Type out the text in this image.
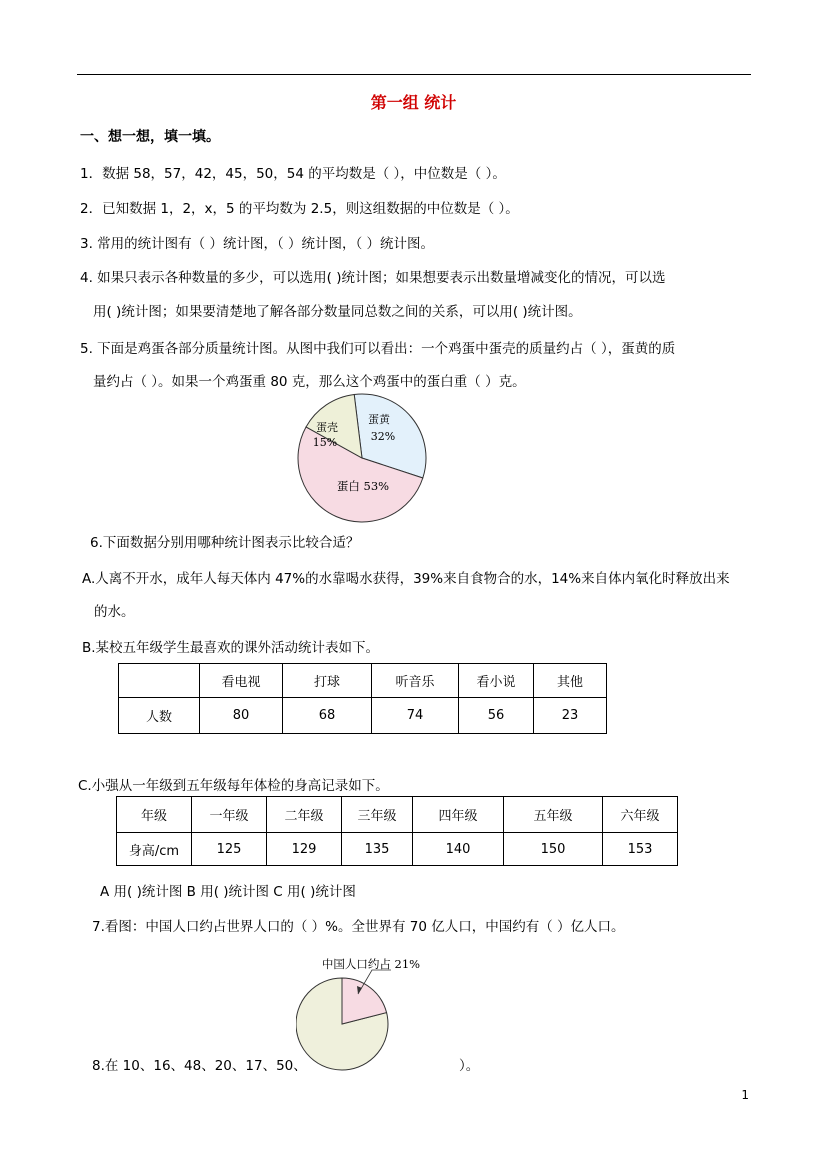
第一组 统计
一、想一想，填一填。
1．数据 58，57，42，45，50，54 的平均数是（ ），中位数是（ ）。
2．已知数据 1，2，x，5 的平均数为 2.5，则这组数据的中位数是（ ）。
3. 常用的统计图有（ ）统计图，（ ）统计图，（ ）统计图。
4. 如果只表示各种数量的多少，可以选用( )统计图；如果想要表示出数量增减变化的情况，可以选
用( )统计图；如果要清楚地了解各部分数量同总数之间的关系，可以用( )统计图。
5. 下面是鸡蛋各部分质量统计图。从图中我们可以看出：一个鸡蛋中蛋壳的质量约占（ ），蛋黄的质
量约占（ ）。如果一个鸡蛋重 80 克，那么这个鸡蛋中的蛋白重（ ）克。
蛋黄
32%
蛋壳
15%
蛋白 53%
6.下面数据分别用哪种统计图表示比较合适？
A.人离不开水，成年人每天体内 47%的水靠喝水获得，39%来自食物合的水，14%来自体内氧化时释放出来
的水。
B.某校五年级学生最喜欢的课外活动统计表如下。
	看电视	打球	听音乐	看小说	其他
人数	80	68	74	56	23
C.小强从一年级到五年级每年体检的身高记录如下。
年级	一年级	二年级	三年级	四年级	五年级	六年级
身高/cm	125	129	135	140	150	153
A 用( )统计图 B 用( )统计图 C 用( )统计图
7.看图：中国人口约占世界人口的（ ）%。全世界有 70 亿人口，中国约有（ ）亿人口。
中国人口约占 21%
8.在 10、16、48、20、17、50、	）。
1
